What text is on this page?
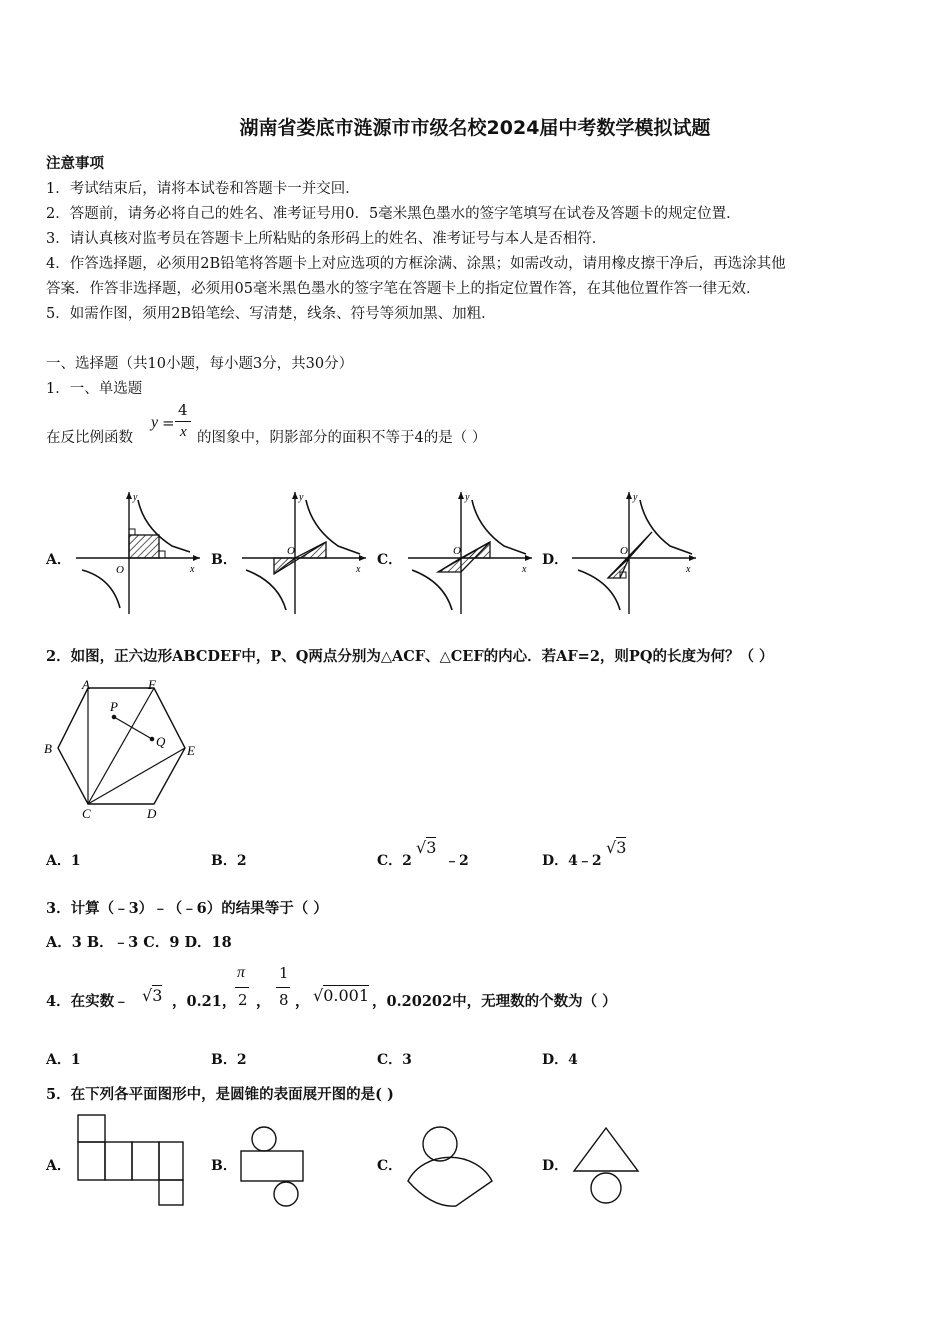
湖南省娄底市涟源市市级名校2024届中考数学模拟试题
注意事项
1．考试结束后，请将本试卷和答题卡一并交回．
2．答题前，请务必将自己的姓名、准考证号用0．5毫米黑色墨水的签字笔填写在试卷及答题卡的规定位置．
3．请认真核对监考员在答题卡上所粘贴的条形码上的姓名、准考证号与本人是否相符．
4．作答选择题，必须用2B铅笔将答题卡上对应选项的方框涂满、涂黑；如需改动，请用橡皮擦干净后，再选涂其他
答案．作答非选择题，必须用05毫米黑色墨水的签字笔在答题卡上的指定位置作答，在其他位置作答一律无效．
5．如需作图，须用2B铅笔绘、写清楚，线条、符号等须加黑、加粗．
一、选择题（共10小题，每小题3分，共30分）
1．一、单选题
在反比例函数
y =
4
x 的图象中，阴影部分的面积不等于4的是（ ）
A．	B．	C．	D．
O	x
y
O
x
y
O
x
y
O
x
y
2．如图，正六边形ABCDEF中，P、Q两点分别为△ACF、△CEF的内心．若AF=2，则PQ的长度为何？（ ）
A	F
B	E
C	D
P
Q
A．1	B．2	C．2
√3
﹣2	D．4﹣2
√3
3．计算（﹣3）﹣（﹣6）的结果等于（ ）
A．3 B．﹣3 C．9 D．18
4．在实数﹣ √3 ，0.21，
π
2 ，
1
8 ， √0.001 ，0.20202中，无理数的个数为（ ）
A．1	B．2	C．3	D．4
5．在下列各平面图形中，是圆锥的表面展开图的是( )
A．	B．	C．	D．
